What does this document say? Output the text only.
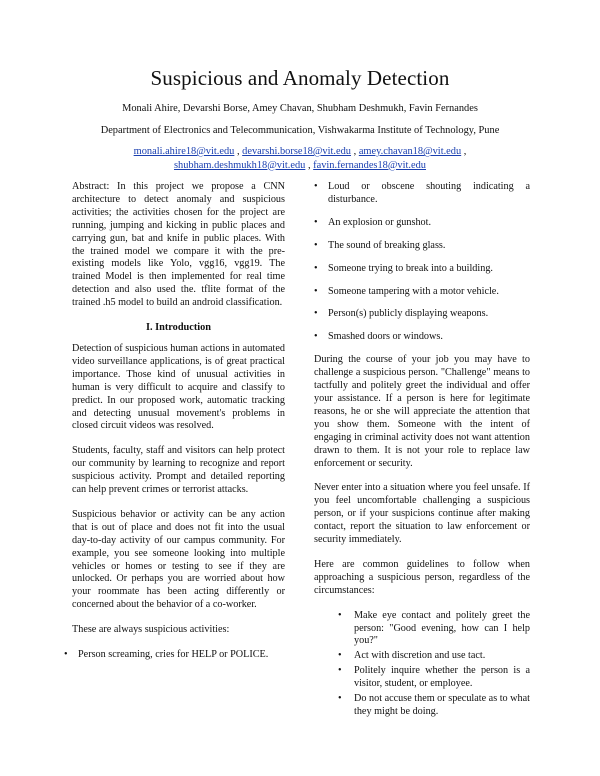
Suspicious and Anomaly Detection
Monali Ahire, Devarshi Borse, Amey Chavan, Shubham Deshmukh, Favin Fernandes
Department of Electronics and Telecommunication, Vishwakarma Institute of Technology, Pune
monali.ahire18@vit.edu , devarshi.borse18@vit.edu , amey.chavan18@vit.edu ,
shubham.deshmukh18@vit.edu , favin.fernandes18@vit.edu

Abstract: In this project we propose a CNN architecture to detect anomaly and suspicious activities; the activities chosen for the project are running, jumping and kicking in public places and carrying gun, bat and knife in public places. With the trained model we compare it with the pre-existing models like Yolo, vgg16, vgg19. The trained Model is then implemented for real time detection and also used the. tflite format of the trained .h5 model to build an android classification.

I. Introduction

Detection of suspicious human actions in automated video surveillance applications, is of great practical importance. Those kind of unusual activities in human is very difficult to acquire and classify to predict. In our proposed work, automatic tracking and detecting unusual movement's problems in closed circuit videos was resolved.

Students, faculty, staff and visitors can help protect our community by learning to recognize and report suspicious activity. Prompt and detailed reporting can help prevent crimes or terrorist attacks.

Suspicious behavior or activity can be any action that is out of place and does not fit into the usual day-to-day activity of our campus community. For example, you see someone looking into multiple vehicles or homes or testing to see if they are unlocked. Or perhaps you are worried about how your roommate has been acting differently or concerned about the behavior of a co-worker.

These are always suspicious activities:

• Person screaming, cries for HELP or POLICE.
• Loud or obscene shouting indicating a disturbance.
• An explosion or gunshot.
• The sound of breaking glass.
• Someone trying to break into a building.
• Someone tampering with a motor vehicle.
• Person(s) publicly displaying weapons.
• Smashed doors or windows.

During the course of your job you may have to challenge a suspicious person. "Challenge" means to tactfully and politely greet the individual and offer your assistance. If a person is here for legitimate reasons, he or she will appreciate the attention that you show them. Someone with the intent of engaging in criminal activity does not want attention drawn to them. It is not your role to replace law enforcement or security.

Never enter into a situation where you feel unsafe. If you feel uncomfortable challenging a suspicious person, or if your suspicions continue after making contact, report the situation to law enforcement or security immediately.

Here are common guidelines to follow when approaching a suspicious person, regardless of the circumstances:

• Make eye contact and politely greet the person: "Good evening, how can I help you?"
• Act with discretion and use tact.
• Politely inquire whether the person is a visitor, student, or employee.
• Do not accuse them or speculate as to what they might be doing.
